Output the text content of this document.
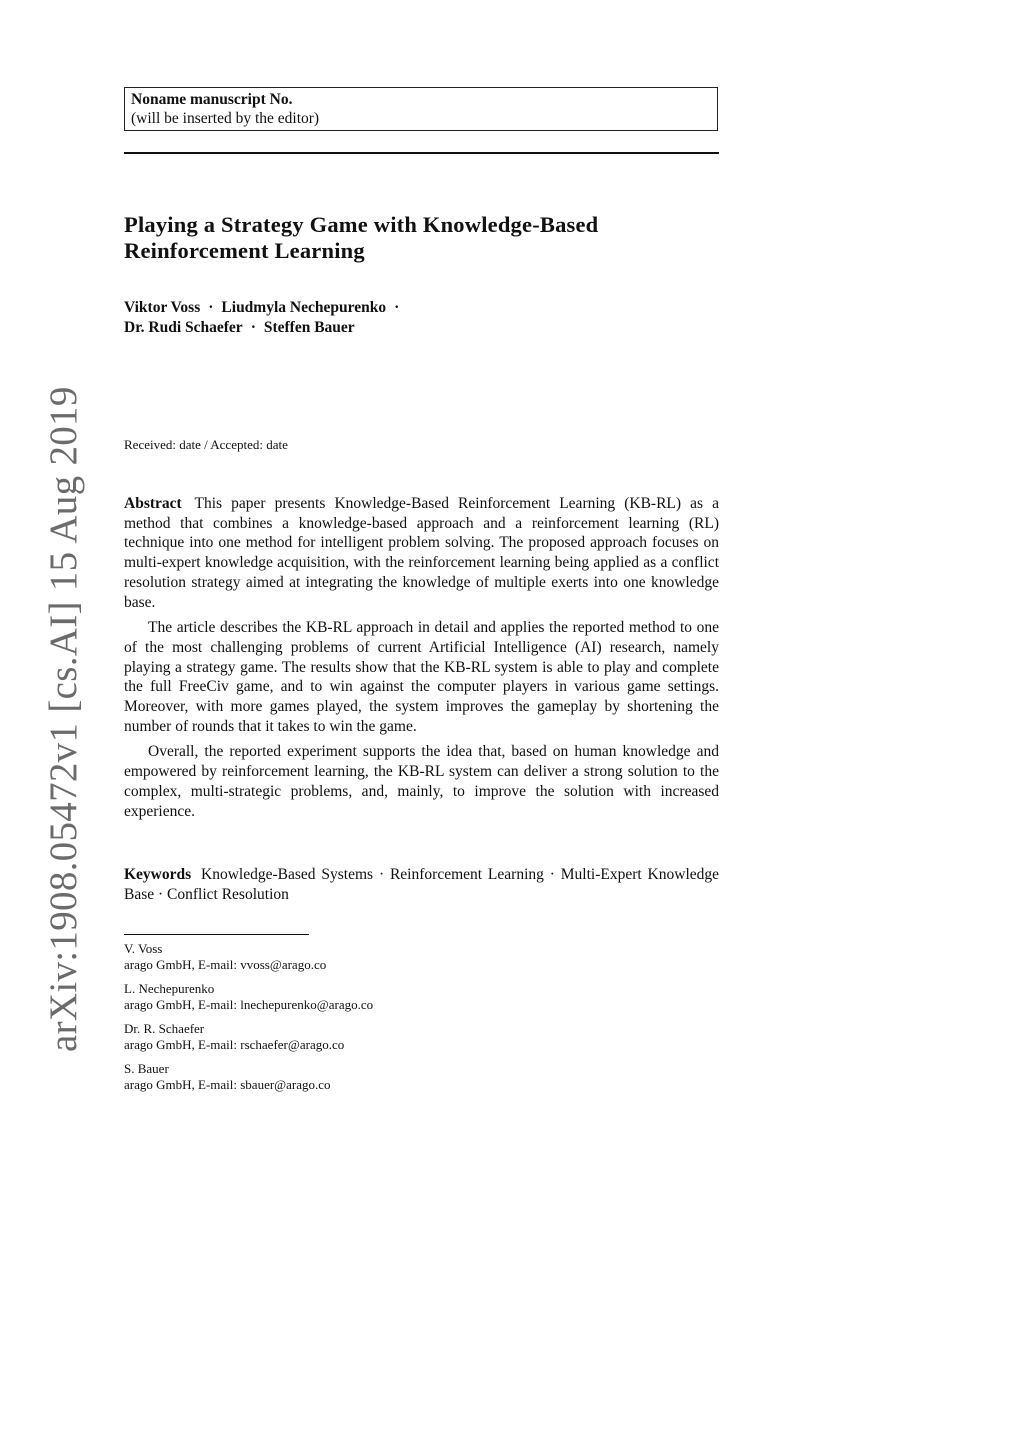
Noname manuscript No.
(will be inserted by the editor)
Playing a Strategy Game with Knowledge-Based
Reinforcement Learning
Viktor Voss · Liudmyla Nechepurenko ·
Dr. Rudi Schaefer · Steffen Bauer
Received: date / Accepted: date

Abstract This paper presents Knowledge-Based Reinforcement Learning (KB-RL) as a method that combines a knowledge-based approach and a reinforcement learning (RL) technique into one method for intelligent problem solving. The proposed approach focuses on multi-expert knowledge acquisition, with the reinforcement learning being applied as a conflict resolution strategy aimed at integrating the knowledge of multiple exerts into one knowledge base.

The article describes the KB-RL approach in detail and applies the reported method to one of the most challenging problems of current Artificial Intelligence (AI) research, namely playing a strategy game. The results show that the KB-RL system is able to play and complete the full FreeCiv game, and to win against the computer players in various game settings. Moreover, with more games played, the system improves the gameplay by shortening the number of rounds that it takes to win the game.

Overall, the reported experiment supports the idea that, based on human knowledge and empowered by reinforcement learning, the KB-RL system can deliver a strong solution to the complex, multi-strategic problems, and, mainly, to improve the solution with increased experience.

Keywords Knowledge-Based Systems · Reinforcement Learning · Multi-Expert Knowledge Base · Conflict Resolution
V. Voss
arago GmbH, E-mail: vvoss@arago.co
L. Nechepurenko
arago GmbH, E-mail: lnechepurenko@arago.co
Dr. R. Schaefer
arago GmbH, E-mail: rschaefer@arago.co
S. Bauer
arago GmbH, E-mail: sbauer@arago.co
arXiv:1908.05472v1 [cs.AI] 15 Aug 2019
